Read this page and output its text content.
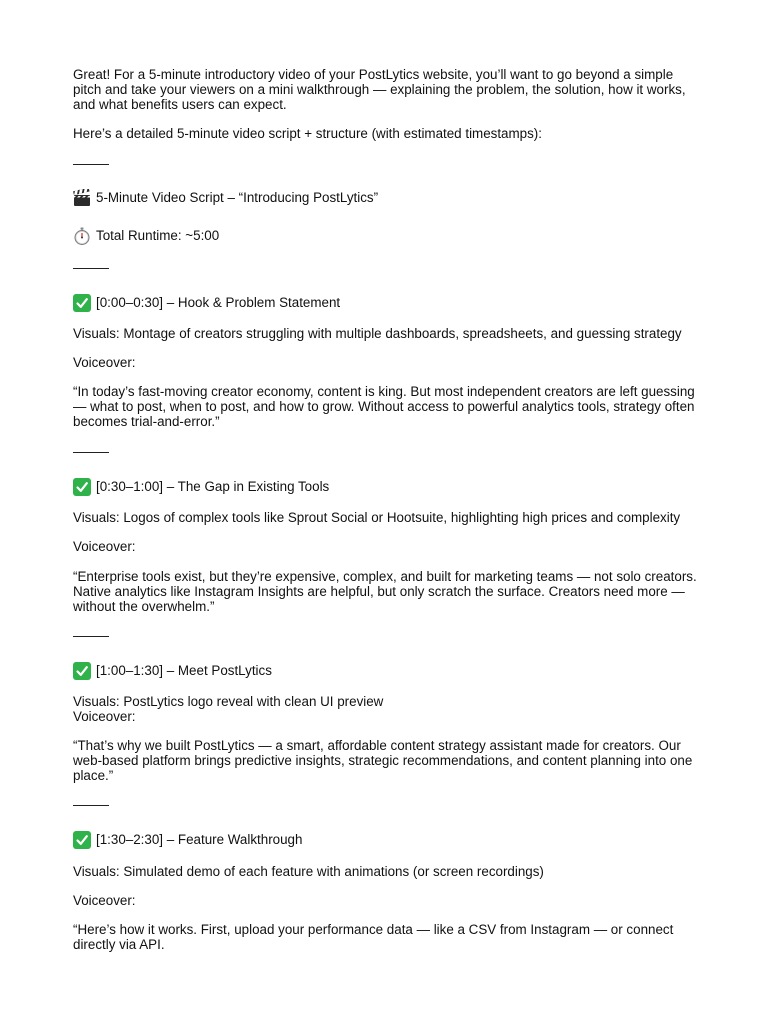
Great! For a 5-minute introductory video of your PostLytics website, you’ll want to go beyond a simple pitch and take your viewers on a mini walkthrough — explaining the problem, the solution, how it works, and what benefits users can expect.
Here’s a detailed 5-minute video script + structure (with estimated timestamps):
5-Minute Video Script – “Introducing PostLytics”
Total Runtime: ~5:00
[0:00–0:30] – Hook & Problem Statement
Visuals: Montage of creators struggling with multiple dashboards, spreadsheets, and guessing strategy
Voiceover:
“In today’s fast-moving creator economy, content is king. But most independent creators are left guessing — what to post, when to post, and how to grow. Without access to powerful analytics tools, strategy often becomes trial-and-error.”
[0:30–1:00] – The Gap in Existing Tools
Visuals: Logos of complex tools like Sprout Social or Hootsuite, highlighting high prices and complexity
Voiceover:
“Enterprise tools exist, but they’re expensive, complex, and built for marketing teams — not solo creators. Native analytics like Instagram Insights are helpful, but only scratch the surface. Creators need more — without the overwhelm.”
[1:00–1:30] – Meet PostLytics
Visuals: PostLytics logo reveal with clean UI preview
Voiceover:
“That’s why we built PostLytics — a smart, affordable content strategy assistant made for creators. Our web-based platform brings predictive insights, strategic recommendations, and content planning into one place.”
[1:30–2:30] – Feature Walkthrough
Visuals: Simulated demo of each feature with animations (or screen recordings)
Voiceover:
“Here’s how it works. First, upload your performance data — like a CSV from Instagram — or connect directly via API.
